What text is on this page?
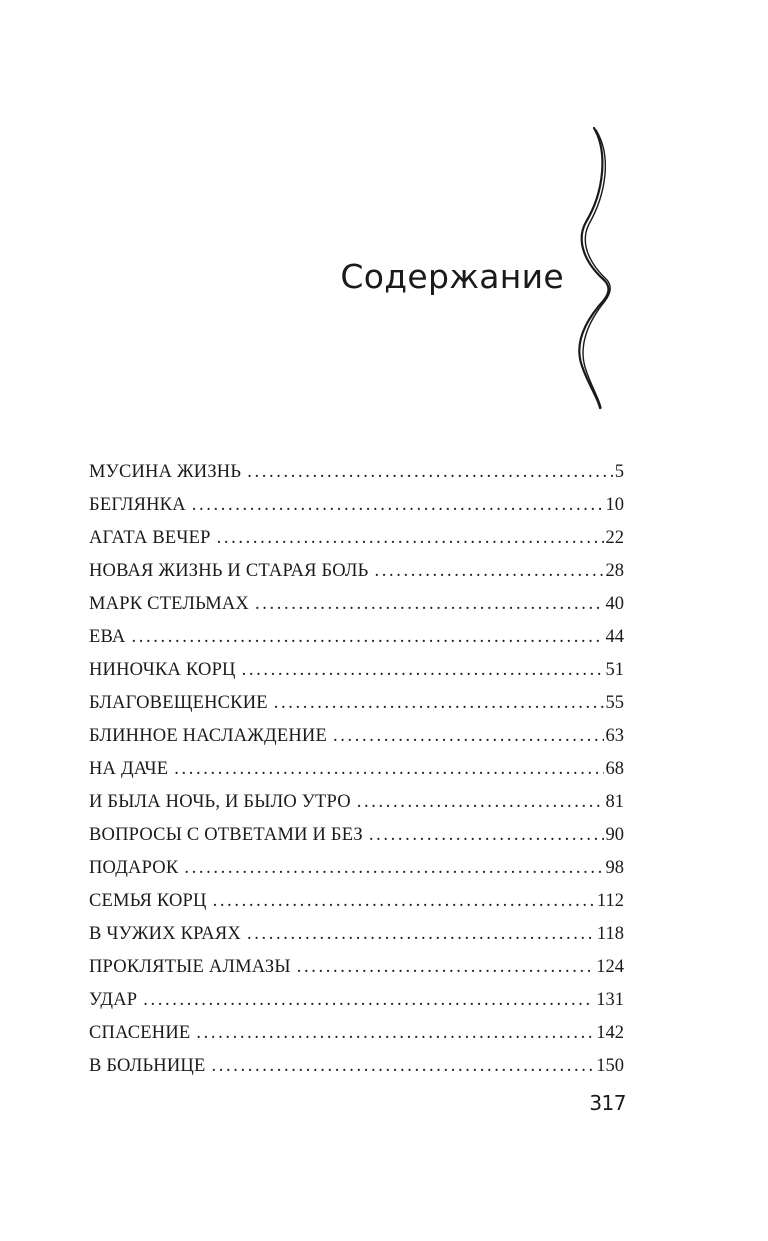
Содержание
МУСИНА ЖИЗНЬ . . .	5
БЕГЛЯНКА . . .	10
АГАТА ВЕЧЕР . . .	22
НОВАЯ ЖИЗНЬ И СТАРАЯ БОЛЬ . . .	28
МАРК СТЕЛЬМАХ . . .	40
ЕВА . . .	44
НИНОЧКА КОРЦ . . .	51
БЛАГОВЕЩЕНСКИЕ . . .	55
БЛИННОЕ НАСЛАЖДЕНИЕ . . .	63
НА ДАЧЕ . . .	68
И БЫЛА НОЧЬ, И БЫЛО УТРО . . .	81
ВОПРОСЫ С ОТВЕТАМИ И БЕЗ . . .	90
ПОДАРОК . . .	98
СЕМЬЯ КОРЦ . . .	112
В ЧУЖИХ КРАЯХ . . .	118
ПРОКЛЯТЫЕ АЛМАЗЫ . . .	124
УДАР . . .	131
СПАСЕНИЕ . . .	142
В БОЛЬНИЦЕ . . .	150
317
